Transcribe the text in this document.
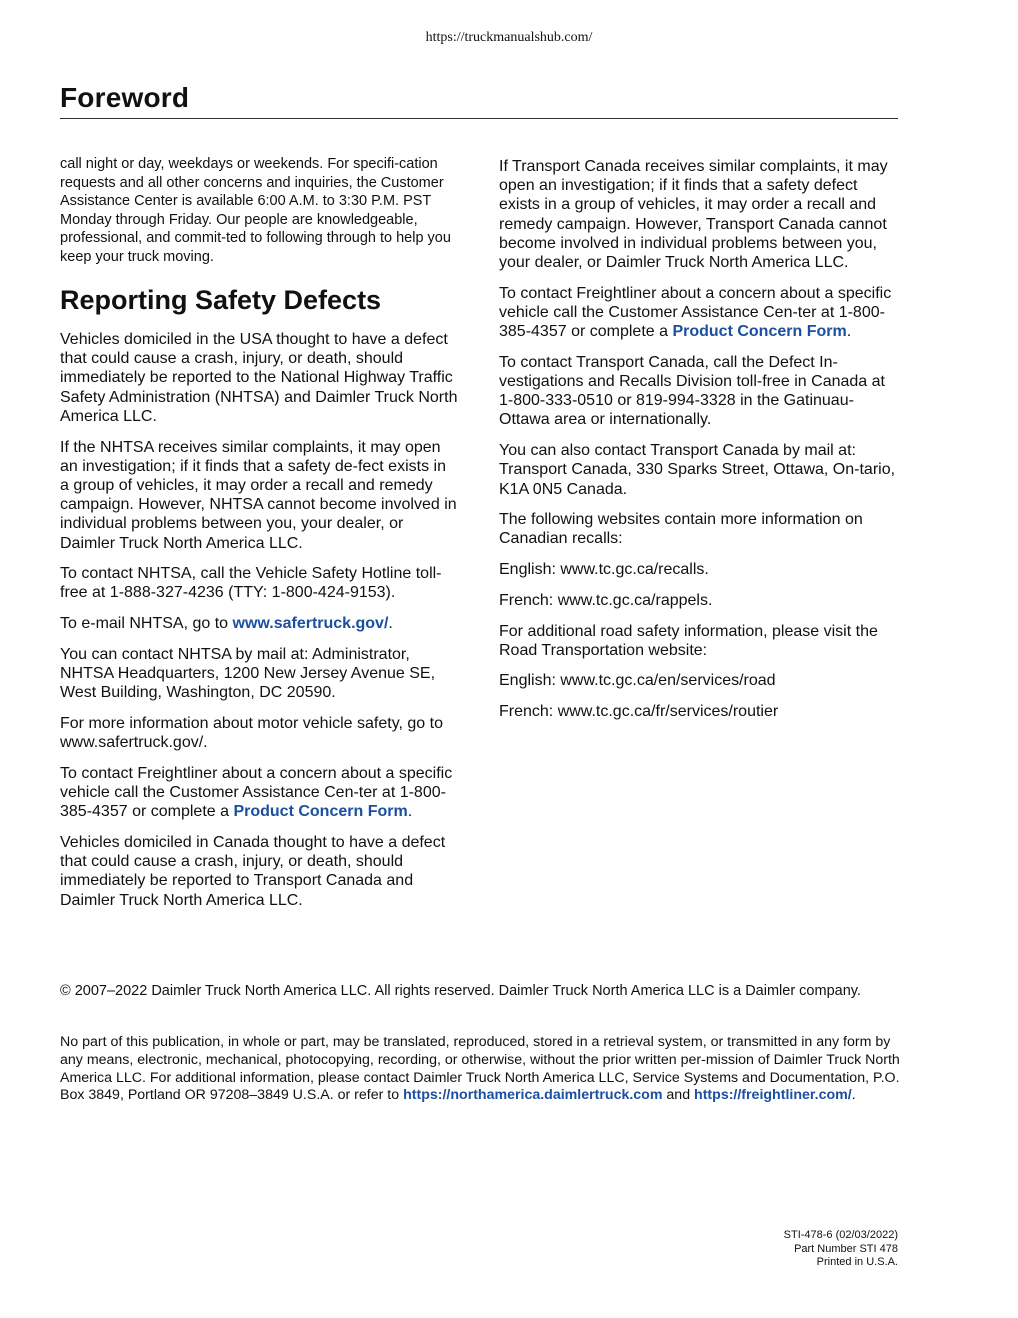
https://truckmanualshub.com/
Foreword

call night or day, weekdays or weekends. For specifi-cation requests and all other concerns and inquiries, the Customer Assistance Center is available 6:00 A.M. to 3:30 P.M. PST Monday through Friday. Our people are knowledgeable, professional, and commit-ted to following through to help you keep your truck moving.

Reporting Safety Defects

Vehicles domiciled in the USA thought to have a defect that could cause a crash, injury, or death, should immediately be reported to the National Highway Traffic Safety Administration (NHTSA) and Daimler Truck North America LLC.

If the NHTSA receives similar complaints, it may open an investigation; if it finds that a safety de-fect exists in a group of vehicles, it may order a recall and remedy campaign. However, NHTSA cannot become involved in individual problems between you, your dealer, or Daimler Truck North America LLC.

To contact NHTSA, call the Vehicle Safety Hotline toll-free at 1-888-327-4236 (TTY: 1-800-424-9153).

To e-mail NHTSA, go to www.safertruck.gov/.

You can contact NHTSA by mail at: Administrator, NHTSA Headquarters, 1200 New Jersey Avenue SE, West Building, Washington, DC 20590.

For more information about motor vehicle safety, go to www.safertruck.gov/.

To contact Freightliner about a concern about a specific vehicle call the Customer Assistance Cen-ter at 1-800-385-4357 or complete a Product Concern Form.

Vehicles domiciled in Canada thought to have a defect that could cause a crash, injury, or death, should immediately be reported to Transport Canada and Daimler Truck North America LLC.

If Transport Canada receives similar complaints, it may open an investigation; if it finds that a safety defect exists in a group of vehicles, it may order a recall and remedy campaign. However, Transport Canada cannot become involved in individual problems between you, your dealer, or Daimler Truck North America LLC.

To contact Freightliner about a concern about a specific vehicle call the Customer Assistance Cen-ter at 1-800-385-4357 or complete a Product Concern Form.

To contact Transport Canada, call the Defect In-vestigations and Recalls Division toll-free in Canada at 1-800-333-0510 or 819-994-3328 in the Gatinuau-Ottawa area or internationally.

You can also contact Transport Canada by mail at: Transport Canada, 330 Sparks Street, Ottawa, On-tario, K1A 0N5 Canada.

The following websites contain more information on Canadian recalls:

English: www.tc.gc.ca/recalls.

French: www.tc.gc.ca/rappels.

For additional road safety information, please visit the Road Transportation website:

English: www.tc.gc.ca/en/services/road

French: www.tc.gc.ca/fr/services/routier

© 2007–2022 Daimler Truck North America LLC. All rights reserved. Daimler Truck North America LLC is a Daimler company.

No part of this publication, in whole or part, may be translated, reproduced, stored in a retrieval system, or transmitted in any form by any means, electronic, mechanical, photocopying, recording, or otherwise, without the prior written per-mission of Daimler Truck North America LLC. For additional information, please contact Daimler Truck North America LLC, Service Systems and Documentation, P.O. Box 3849, Portland OR 97208–3849 U.S.A. or refer to https://northamerica.daimlertruck.com and https://freightliner.com/.

STI-478-6 (02/03/2022)
Part Number STI 478
Printed in U.S.A.
